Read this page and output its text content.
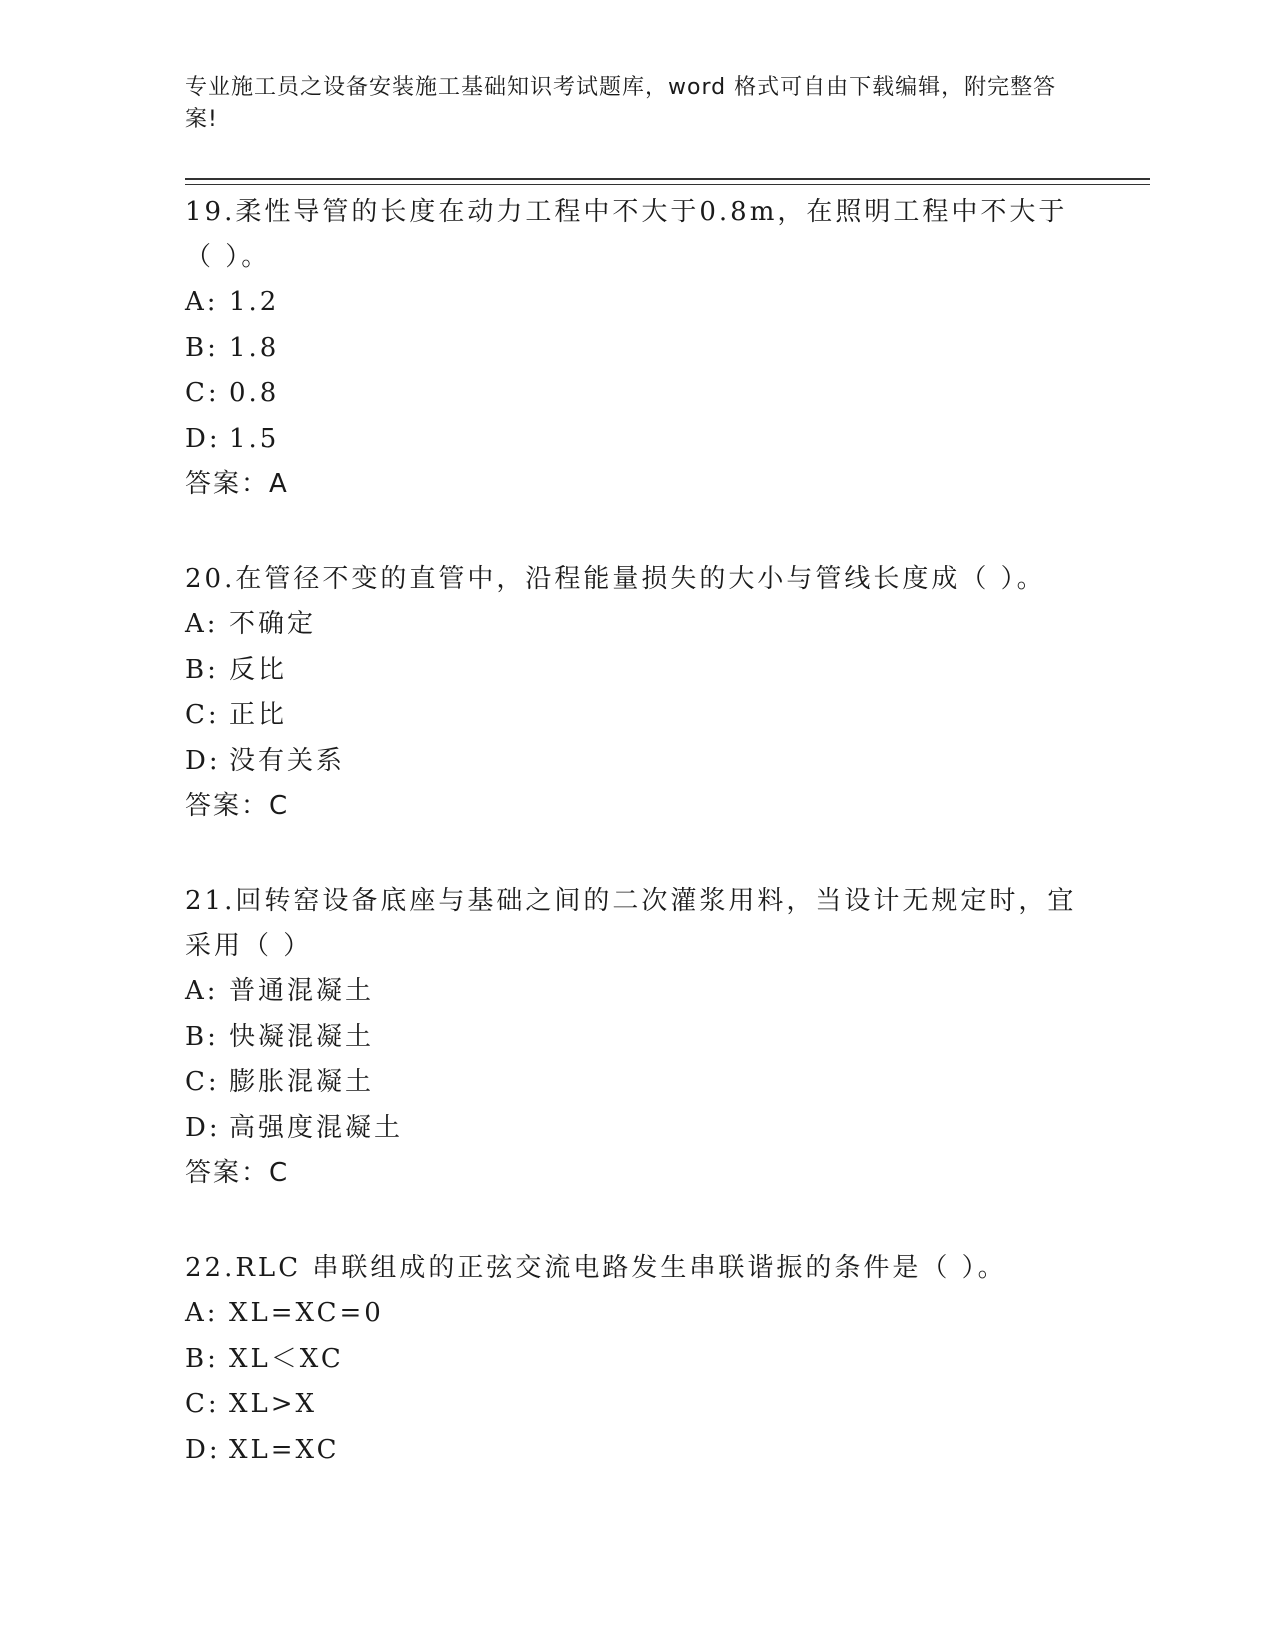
专业施工员之设备安装施工基础知识考试题库，word 格式可自由下载编辑，附完整答案!

19.柔性导管的长度在动力工程中不大于0.8m，在照明工程中不大于（ ）。

A: 1.2
B: 1.8
C: 0.8
D: 1.5

答案：A

20.在管径不变的直管中，沿程能量损失的大小与管线长度成（ ）。

A: 不确定
B: 反比
C: 正比
D: 没有关系

答案：C

21.回转窑设备底座与基础之间的二次灌浆用料，当设计无规定时，宜采用（ ）

A: 普通混凝土
B: 快凝混凝土
C: 膨胀混凝土
D: 高强度混凝土

答案：C

22.RLC 串联组成的正弦交流电路发生串联谐振的条件是（ ）。

A: XL=XC=0
B: XL＜XC
C: XL>X
D: XL=XC
